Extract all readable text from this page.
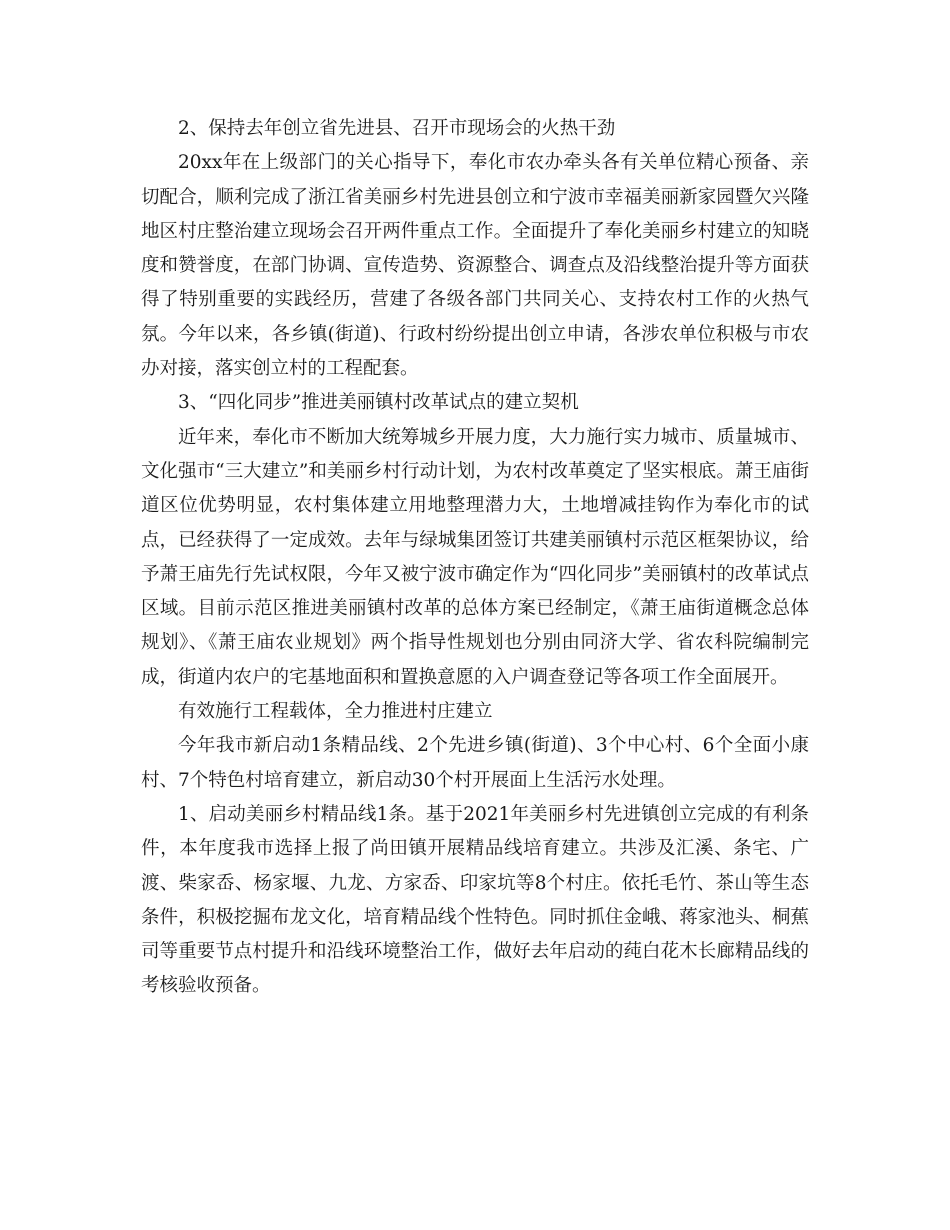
2、保持去年创立省先进县、召开市现场会的火热干劲

20xx年在上级部门的关心指导下，奉化市农办牵头各有关单位精心预备、亲切配合，顺利完成了浙江省美丽乡村先进县创立和宁波市幸福美丽新家园暨欠兴隆地区村庄整治建立现场会召开两件重点工作。全面提升了奉化美丽乡村建立的知晓度和赞誉度，在部门协调、宣传造势、资源整合、调查点及沿线整治提升等方面获得了特别重要的实践经历，营建了各级各部门共同关心、支持农村工作的火热气氛。今年以来，各乡镇(街道)、行政村纷纷提出创立申请，各涉农单位积极与市农办对接，落实创立村的工程配套。

3、“四化同步”推进美丽镇村改革试点的建立契机

近年来，奉化市不断加大统筹城乡开展力度，大力施行实力城市、质量城市、文化强市“三大建立”和美丽乡村行动计划，为农村改革奠定了坚实根底。萧王庙街道区位优势明显，农村集体建立用地整理潜力大，土地增减挂钩作为奉化市的试点，已经获得了一定成效。去年与绿城集团签订共建美丽镇村示范区框架协议，给予萧王庙先行先试权限，今年又被宁波市确定作为“四化同步”美丽镇村的改革试点区域。目前示范区推进美丽镇村改革的总体方案已经制定，《萧王庙街道概念总体规划》、《萧王庙农业规划》两个指导性规划也分别由同济大学、省农科院编制完成，街道内农户的宅基地面积和置换意愿的入户调查登记等各项工作全面展开。

有效施行工程载体，全力推进村庄建立

今年我市新启动1条精品线、2个先进乡镇(街道)、3个中心村、6个全面小康村、7个特色村培育建立，新启动30个村开展面上生活污水处理。

1、启动美丽乡村精品线1条。基于2021年美丽乡村先进镇创立完成的有利条件，本年度我市选择上报了尚田镇开展精品线培育建立。共涉及汇溪、条宅、广渡、柴家岙、杨家堰、九龙、方家岙、印家坑等8个村庄。依托毛竹、茶山等生态条件，积极挖掘布龙文化，培育精品线个性特色。同时抓住金峨、蒋家池头、桐蕉司等重要节点村提升和沿线环境整治工作，做好去年启动的莼白花木长廊精品线的考核验收预备。
